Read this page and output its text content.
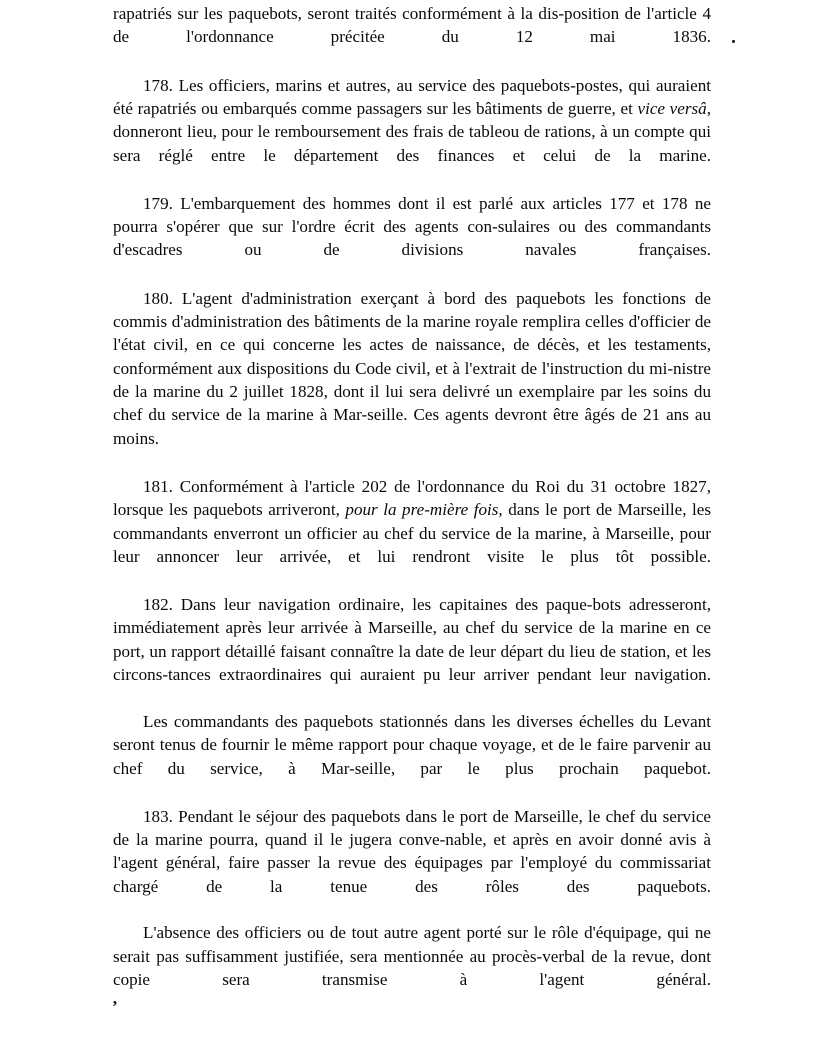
rapatriés sur les paquebots, seront traités conformément à la dis-position de l'article 4 de l'ordonnance précitée du 12 mai 1836.

178. Les officiers, marins et autres, au service des paquebots-postes, qui auraient été rapatriés ou embarqués comme passagers sur les bâtiments de guerre, et vice versâ, donneront lieu, pour le remboursement des frais de tableou de rations, à un compte qui sera réglé entre le département des finances et celui de la marine.

179. L'embarquement des hommes dont il est parlé aux articles 177 et 178 ne pourra s'opérer que sur l'ordre écrit des agents con-sulaires ou des commandants d'escadres ou de divisions navales françaises.

180. L'agent d'administration exerçant à bord des paquebots les fonctions de commis d'administration des bâtiments de la marine royale remplira celles d'officier de l'état civil, en ce qui concerne les actes de naissance, de décès, et les testaments, conformément aux dispositions du Code civil, et à l'extrait de l'instruction du mi-nistre de la marine du 2 juillet 1828, dont il lui sera delivré un exemplaire par les soins du chef du service de la marine à Mar-seille. Ces agents devront être âgés de 21 ans au moins.

181. Conformément à l'article 202 de l'ordonnance du Roi du 31 octobre 1827, lorsque les paquebots arriveront, pour la pre-mière fois, dans le port de Marseille, les commandants enverront un officier au chef du service de la marine, à Marseille, pour leur annoncer leur arrivée, et lui rendront visite le plus tôt possible.

182. Dans leur navigation ordinaire, les capitaines des paque-bots adresseront, immédiatement après leur arrivée à Marseille, au chef du service de la marine en ce port, un rapport détaillé faisant connaître la date de leur départ du lieu de station, et les circons-tances extraordinaires qui auraient pu leur arriver pendant leur navigation.

Les commandants des paquebots stationnés dans les diverses échelles du Levant seront tenus de fournir le même rapport pour chaque voyage, et de le faire parvenir au chef du service, à Mar-seille, par le plus prochain paquebot.

183. Pendant le séjour des paquebots dans le port de Marseille, le chef du service de la marine pourra, quand il le jugera conve-nable, et après en avoir donné avis à l'agent général, faire passer la revue des équipages par l'employé du commissariat chargé de la tenue des rôles des paquebots.

L'absence des officiers ou de tout autre agent porté sur le rôle d'équipage, qui ne serait pas suffisamment justifiée, sera mentionnée au procès-verbal de la revue, dont copie sera transmise à l'agent général.

’
